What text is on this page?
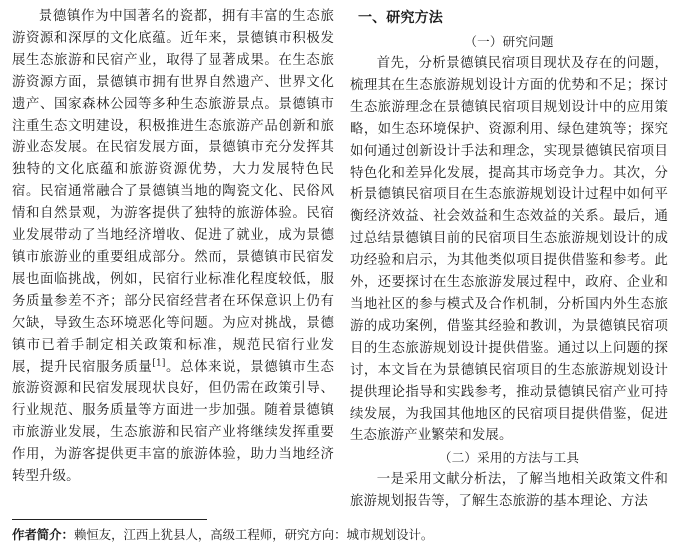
景德镇作为中国著名的瓷都，拥有丰富的生态旅游资源和深厚的文化底蕴。近年来，景德镇市积极发展生态旅游和民宿产业，取得了显著成果。在生态旅游资源方面，景德镇市拥有世界自然遗产、世界文化遗产、国家森林公园等多种生态旅游景点。景德镇市注重生态文明建设，积极推进生态旅游产品创新和旅游业态发展。在民宿发展方面，景德镇市充分发挥其独特的文化底蕴和旅游资源优势，大力发展特色民宿。民宿通常融合了景德镇当地的陶瓷文化、民俗风情和自然景观，为游客提供了独特的旅游体验。民宿业发展带动了当地经济增收、促进了就业，成为景德镇市旅游业的重要组成部分。然而，景德镇市民宿发展也面临挑战，例如，民宿行业标准化程度较低，服务质量参差不齐；部分民宿经营者在环保意识上仍有欠缺，导致生态环境恶化等问题。为应对挑战，景德镇市已着手制定相关政策和标准，规范民宿行业发展，提升民宿服务质量[1]。总体来说，景德镇市生态旅游资源和民宿发展现状良好，但仍需在政策引导、行业规范、服务质量等方面进一步加强。随着景德镇市旅游业发展，生态旅游和民宿产业将继续发挥重要作用，为游客提供更丰富的旅游体验，助力当地经济转型升级。

一、研究方法
（一）研究问题

首先，分析景德镇民宿项目现状及存在的问题，梳理其在生态旅游规划设计方面的优势和不足；探讨生态旅游理念在景德镇民宿项目规划设计中的应用策略，如生态环境保护、资源利用、绿色建筑等；探究如何通过创新设计手法和理念，实现景德镇民宿项目特色化和差异化发展，提高其市场竞争力。其次，分析景德镇民宿项目在生态旅游规划设计过程中如何平衡经济效益、社会效益和生态效益的关系。最后，通过总结景德镇目前的民宿项目生态旅游规划设计的成功经验和启示，为其他类似项目提供借鉴和参考。此外，还要探讨在生态旅游发展过程中，政府、企业和当地社区的参与模式及合作机制，分析国内外生态旅游的成功案例，借鉴其经验和教训，为景德镇民宿项目的生态旅游规划设计提供借鉴。通过以上问题的探讨，本文旨在为景德镇民宿项目的生态旅游规划设计提供理论指导和实践参考，推动景德镇民宿产业可持续发展，为我国其他地区的民宿项目提供借鉴，促进生态旅游产业繁荣和发展。

（二）采用的方法与工具

一是采用文献分析法，了解当地相关政策文件和旅游规划报告等，了解生态旅游的基本理论、方法

作者简介：赖恒友，江西上犹县人，高级工程师，研究方向：城市规划设计。
